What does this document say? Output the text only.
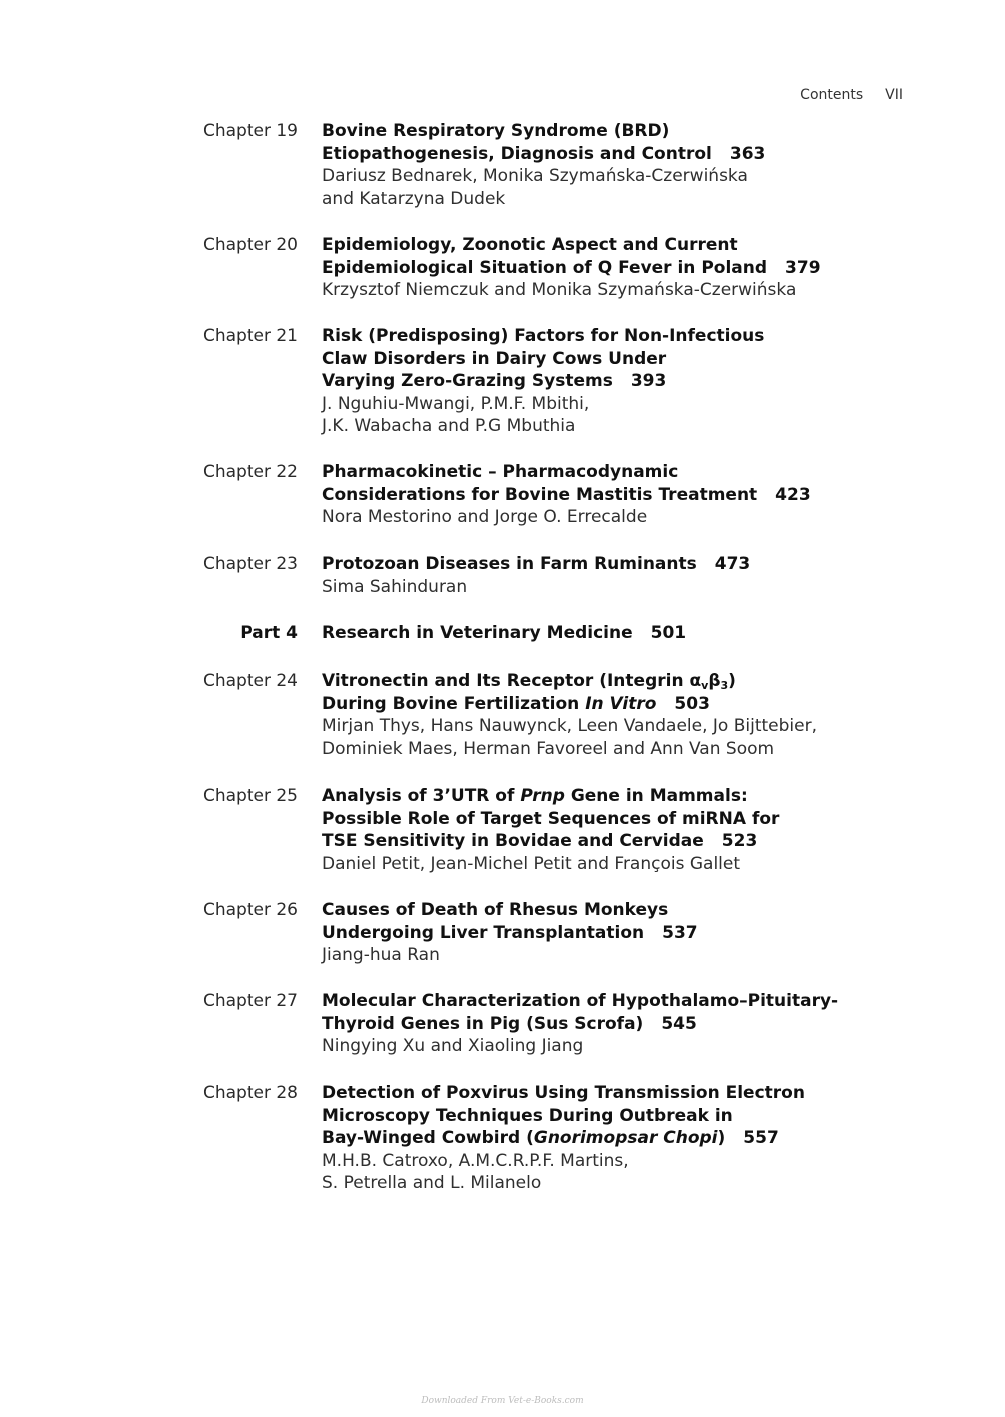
Contents VII
Chapter 19 Bovine Respiratory Syndrome (BRD)
Etiopathogenesis, Diagnosis and Control 363
Dariusz Bednarek, Monika Szymańska-Czerwińska
and Katarzyna Dudek
Chapter 20 Epidemiology, Zoonotic Aspect and Current
Epidemiological Situation of Q Fever in Poland 379
Krzysztof Niemczuk and Monika Szymańska-Czerwińska
Chapter 21 Risk (Predisposing) Factors for Non-Infectious
Claw Disorders in Dairy Cows Under
Varying Zero-Grazing Systems 393
J. Nguhiu-Mwangi, P.M.F. Mbithi,
J.K. Wabacha and P.G Mbuthia
Chapter 22 Pharmacokinetic – Pharmacodynamic
Considerations for Bovine Mastitis Treatment 423
Nora Mestorino and Jorge O. Errecalde
Chapter 23 Protozoan Diseases in Farm Ruminants 473
Sima Sahinduran
Part 4 Research in Veterinary Medicine 501
Chapter 24 Vitronectin and Its Receptor (Integrin $\alpha_v\beta_3$)
During Bovine Fertilization In Vitro 503
Mirjan Thys, Hans Nauwynck, Leen Vandaele, Jo Bijttebier,
Dominiek Maes, Herman Favoreel and Ann Van Soom
Chapter 25 Analysis of 3’UTR of Prnp Gene in Mammals:
Possible Role of Target Sequences of miRNA for
TSE Sensitivity in Bovidae and Cervidae 523
Daniel Petit, Jean-Michel Petit and François Gallet
Chapter 26 Causes of Death of Rhesus Monkeys
Undergoing Liver Transplantation 537
Jiang-hua Ran
Chapter 27 Molecular Characterization of Hypothalamo–Pituitary-
Thyroid Genes in Pig (Sus Scrofa) 545
Ningying Xu and Xiaoling Jiang
Chapter 28 Detection of Poxvirus Using Transmission Electron
Microscopy Techniques During Outbreak in
Bay-Winged Cowbird (Gnorimopsar Chopi) 557
M.H.B. Catroxo, A.M.C.R.P.F. Martins,
S. Petrella and L. Milanelo
Downloaded From Vet-e-Books.com
